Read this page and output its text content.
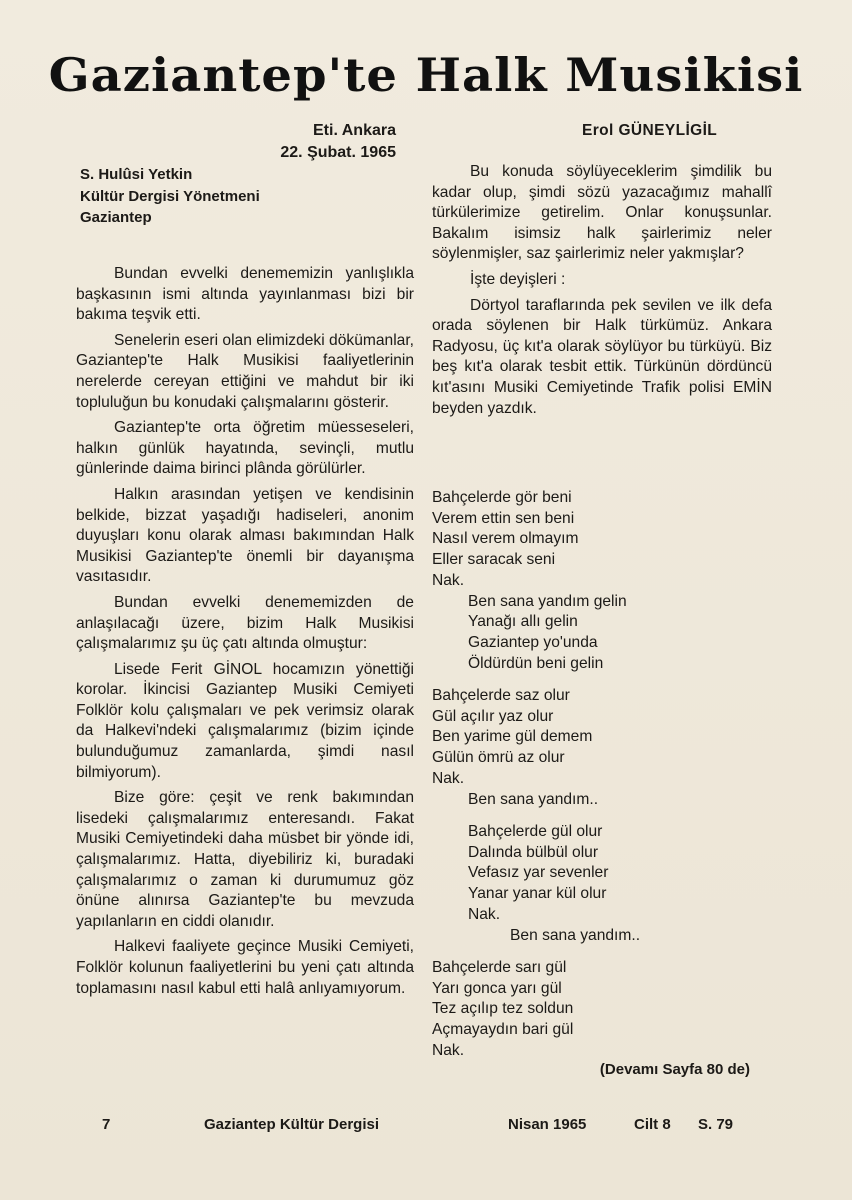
Gaziantep'te Halk Musikisi
Eti. Ankara
22. Şubat. 1965
S. Hulûsi Yetkin
Kültür Dergisi Yönetmeni
Gaziantep

Bundan evvelki denememizin yanlışlıkla başkasının ismi altında yayınlanması bizi bir bakıma teşvik etti.

Senelerin eseri olan elimizdeki dökümanlar, Gaziantep'te Halk Musikisi faaliyetlerinin nerelerde cereyan ettiğini ve mahdut bir iki topluluğun bu konudaki çalışmalarını gösterir.

Gaziantep'te orta öğretim müesseseleri, halkın günlük hayatında, sevinçli, mutlu günlerinde daima birinci plânda görülürler.

Halkın arasından yetişen ve kendisinin belkide, bizzat yaşadığı hadiseleri, anonim duyuşları konu olarak alması bakımından Halk Musikisi Gaziantep'te önemli bir dayanışma vasıtasıdır.

Bundan evvelki denememizden de anlaşılacağı üzere, bizim Halk Musikisi çalışmalarımız şu üç çatı altında olmuştur:

Lisede Ferit GİNOL hocamızın yönettiği korolar. İkincisi Gaziantep Musiki Cemiyeti Folklör kolu çalışmaları ve pek verimsiz olarak da Halkevi'ndeki çalışmalarımız (bizim içinde bulunduğumuz zamanlarda, şimdi nasıl bilmiyorum).

Bize göre: çeşit ve renk bakımından lisedeki çalışmalarımız enteresandı. Fakat Musiki Cemiyetindeki daha müsbet bir yönde idi, çalışmalarımız. Hatta, diyebiliriz ki, buradaki çalışmalarımız o zaman ki durumumuz göz önüne alınırsa Gaziantep'te bu mevzuda yapılanların en ciddi olanıdır.

Halkevi faaliyete geçince Musiki Cemiyeti, Folklör kolunun faaliyetlerini bu yeni çatı altında toplamasını nasıl kabul etti halâ anlıyamıyorum.

Erol GÜNEYLİGİL

Bu konuda söylüyeceklerim şimdilik bu kadar olup, şimdi sözü yazacağımız mahallî türkülerimize getirelim. Onlar konuşsunlar. Bakalım isimsiz halk şairlerimiz neler söylenmişler, saz şairlerimiz neler yakmışlar?

İşte deyişleri :

Dörtyol taraflarında pek sevilen ve ilk defa orada söylenen bir Halk türkümüz. Ankara Radyosu, üç kıt'a olarak söylüyor bu türküyü. Biz beş kıt'a olarak tesbit ettik. Türkünün dördüncü kıt'asını Musiki Cemiyetinde Trafik polisi EMİN beyden yazdık.

Bahçelerde gör beni
Verem ettin sen beni
Nasıl verem olmayım
Eller saracak seni
Nak.
Ben sana yandım gelin
Yanağı allı gelin
Gaziantep yo'unda
Öldürdün beni gelin
Bahçelerde saz olur
Gül açılır yaz olur
Ben yarime gül demem
Gülün ömrü az olur
Nak.
Ben sana yandım..
Bahçelerde gül olur
Dalında bülbül olur
Vefasız yar sevenler
Yanar yanar kül olur
Nak.
Ben sana yandım..
Bahçelerde sarı gül
Yarı gonca yarı gül
Tez açılıp tez soldun
Açmayaydın bari gül
Nak.
(Devamı Sayfa 80 de)
7	Gaziantep Kültür Dergisi	Nisan 1965	Cilt 8 S. 79
